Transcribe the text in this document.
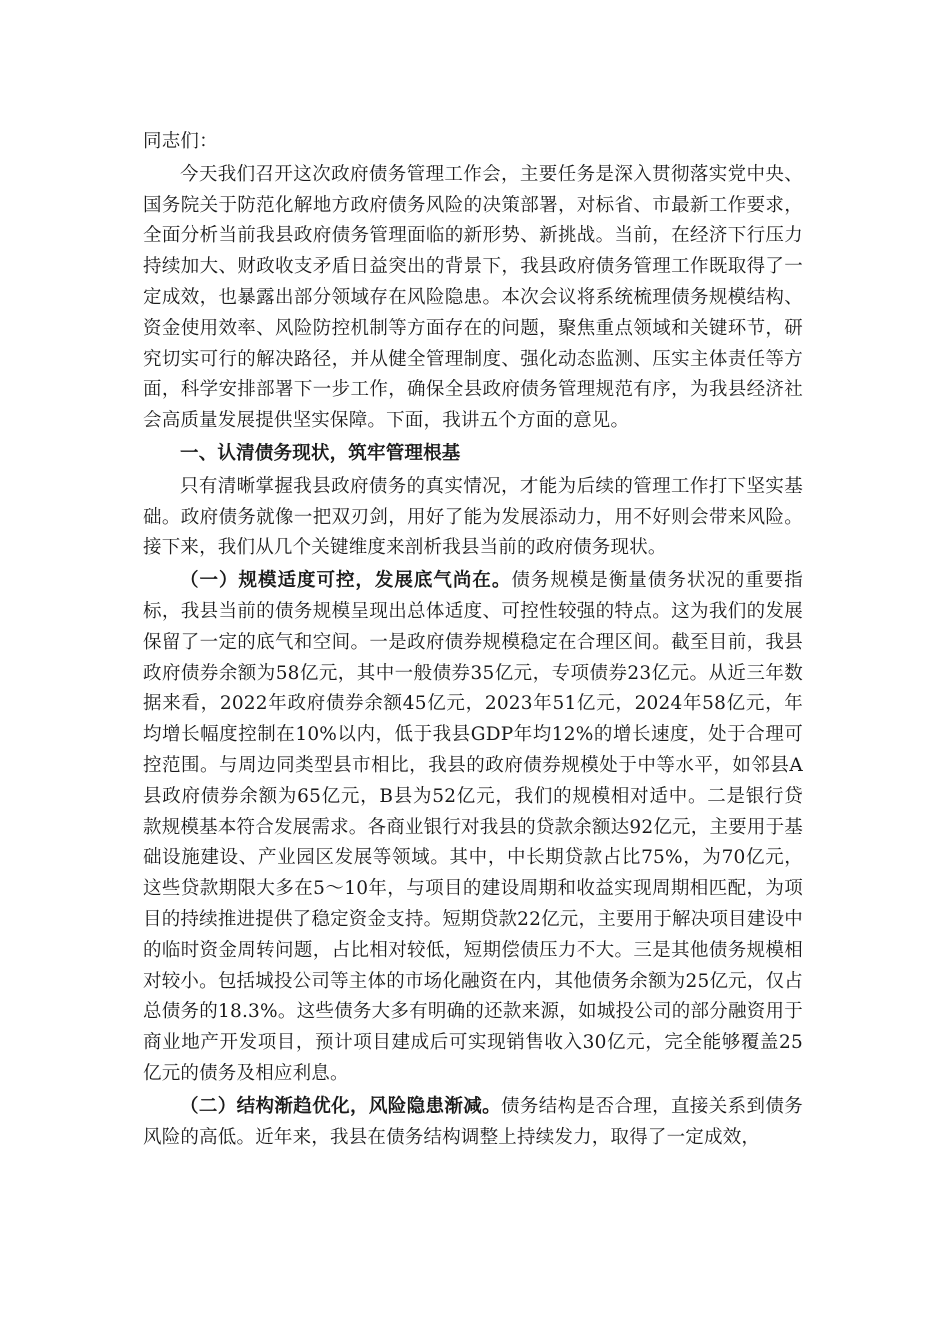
同志们：

今天我们召开这次政府债务管理工作会，主要任务是深入贯彻落实党中央、国务院关于防范化解地方政府债务风险的决策部署，对标省、市最新工作要求，全面分析当前我县政府债务管理面临的新形势、新挑战。当前，在经济下行压力持续加大、财政收支矛盾日益突出的背景下，我县政府债务管理工作既取得了一定成效，也暴露出部分领域存在风险隐患。本次会议将系统梳理债务规模结构、资金使用效率、风险防控机制等方面存在的问题，聚焦重点领域和关键环节，研究切实可行的解决路径，并从健全管理制度、强化动态监测、压实主体责任等方面，科学安排部署下一步工作，确保全县政府债务管理规范有序，为我县经济社会高质量发展提供坚实保障。下面，我讲五个方面的意见。

一、认清债务现状，筑牢管理根基

只有清晰掌握我县政府债务的真实情况，才能为后续的管理工作打下坚实基础。政府债务就像一把双刃剑，用好了能为发展添动力，用不好则会带来风险。接下来，我们从几个关键维度来剖析我县当前的政府债务现状。

（一）规模适度可控，发展底气尚在。债务规模是衡量债务状况的重要指标，我县当前的债务规模呈现出总体适度、可控性较强的特点。这为我们的发展保留了一定的底气和空间。一是政府债券规模稳定在合理区间。截至目前，我县政府债券余额为58亿元，其中一般债券35亿元，专项债券23亿元。从近三年数据来看，2022年政府债券余额45亿元，2023年51亿元，2024年58亿元，年均增长幅度控制在10%以内，低于我县GDP年均12%的增长速度，处于合理可控范围。与周边同类型县市相比，我县的政府债券规模处于中等水平，如邻县A县政府债券余额为65亿元，B县为52亿元，我们的规模相对适中。二是银行贷款规模基本符合发展需求。各商业银行对我县的贷款余额达92亿元，主要用于基础设施建设、产业园区发展等领域。其中，中长期贷款占比75%，为70亿元，这些贷款期限大多在5～10年，与项目的建设周期和收益实现周期相匹配，为项目的持续推进提供了稳定资金支持。短期贷款22亿元，主要用于解决项目建设中的临时资金周转问题，占比相对较低，短期偿债压力不大。三是其他债务规模相对较小。包括城投公司等主体的市场化融资在内，其他债务余额为25亿元，仅占总债务的18.3%。这些债务大多有明确的还款来源，如城投公司的部分融资用于商业地产开发项目，预计项目建成后可实现销售收入30亿元，完全能够覆盖25亿元的债务及相应利息。

（二）结构渐趋优化，风险隐患渐减。债务结构是否合理，直接关系到债务风险的高低。近年来，我县在债务结构调整上持续发力，取得了一定成效，
